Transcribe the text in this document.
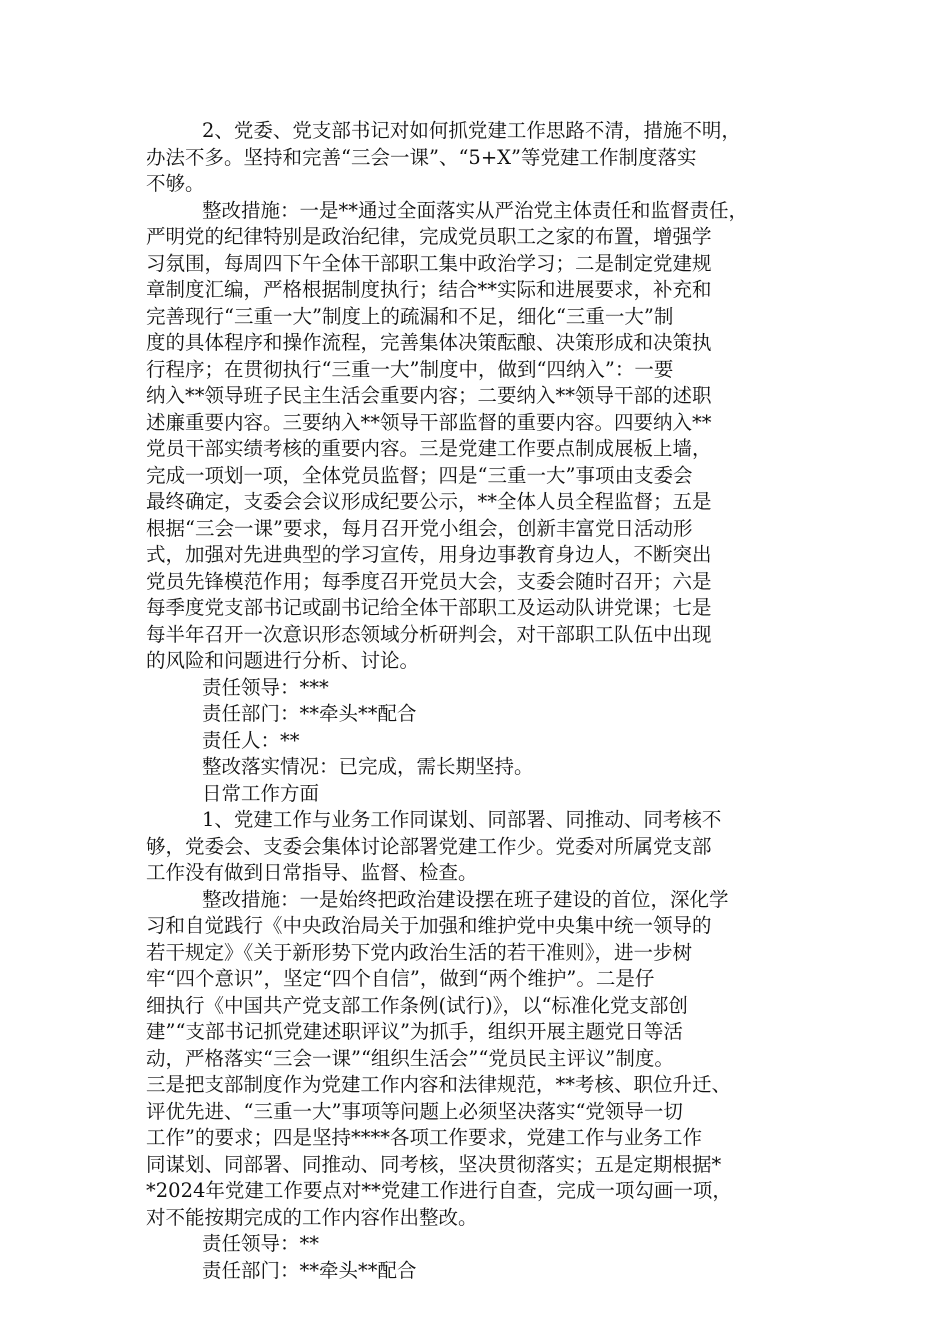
2、党委、党支部书记对如何抓党建工作思路不清，措施不明，
办法不多。坚持和完善“三会一课”、“5+X”等党建工作制度落实
不够。
整改措施：一是**通过全面落实从严治党主体责任和监督责任，
严明党的纪律特别是政治纪律，完成党员职工之家的布置，增强学
习氛围，每周四下午全体干部职工集中政治学习；二是制定党建规
章制度汇编，严格根据制度执行；结合**实际和进展要求，补充和
完善现行“三重一大”制度上的疏漏和不足，细化“三重一大”制
度的具体程序和操作流程，完善集体决策酝酿、决策形成和决策执
行程序；在贯彻执行“三重一大”制度中，做到“四纳入”：一要
纳入**领导班子民主生活会重要内容；二要纳入**领导干部的述职
述廉重要内容。三要纳入**领导干部监督的重要内容。四要纳入**
党员干部实绩考核的重要内容。三是党建工作要点制成展板上墙，
完成一项划一项，全体党员监督；四是“三重一大”事项由支委会
最终确定，支委会会议形成纪要公示，**全体人员全程监督；五是
根据“三会一课”要求，每月召开党小组会，创新丰富党日活动形
式，加强对先进典型的学习宣传，用身边事教育身边人，不断突出
党员先锋模范作用；每季度召开党员大会，支委会随时召开；六是
每季度党支部书记或副书记给全体干部职工及运动队讲党课；七是
每半年召开一次意识形态领域分析研判会，对干部职工队伍中出现
的风险和问题进行分析、讨论。
责任领导：***
责任部门：**牵头**配合
责任人：**
整改落实情况：已完成，需长期坚持。
日常工作方面
1、党建工作与业务工作同谋划、同部署、同推动、同考核不
够，党委会、支委会集体讨论部署党建工作少。党委对所属党支部
工作没有做到日常指导、监督、检查。
整改措施：一是始终把政治建设摆在班子建设的首位，深化学
习和自觉践行《中央政治局关于加强和维护党中央集中统一领导的
若干规定》《关于新形势下党内政治生活的若干准则》，进一步树
牢“四个意识”，坚定“四个自信”，做到“两个维护”。二是仔
细执行《中国共产党支部工作条例(试行)》，以“标准化党支部创
建”“支部书记抓党建述职评议”为抓手，组织开展主题党日等活
动，严格落实“三会一课”“组织生活会”“党员民主评议”制度。
三是把支部制度作为党建工作内容和法律规范，**考核、职位升迁、
评优先进、“三重一大”事项等问题上必须坚决落实“党领导一切
工作”的要求；四是坚持****各项工作要求，党建工作与业务工作
同谋划、同部署、同推动、同考核，坚决贯彻落实；五是定期根据*
*2024年党建工作要点对**党建工作进行自查，完成一项勾画一项，
对不能按期完成的工作内容作出整改。
责任领导：**
责任部门：**牵头**配合
